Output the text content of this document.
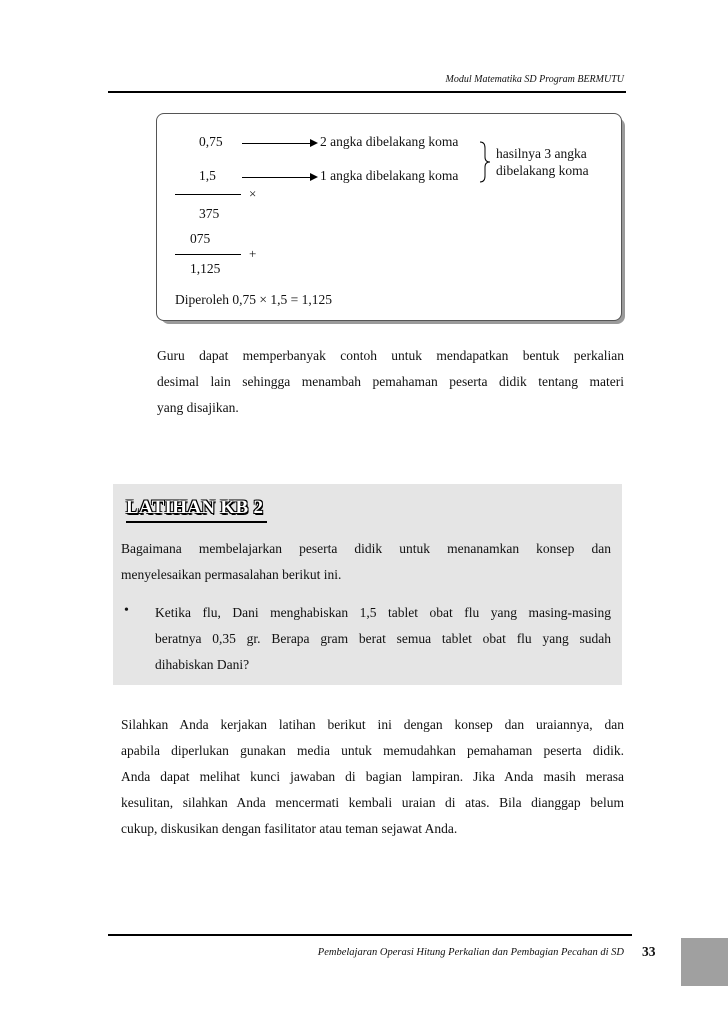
Modul Matematika SD Program BERMUTU
0,75	2 angka dibelakang koma
1,5	1 angka dibelakang koma
hasilnya 3 angka
dibelakang koma
×
375
075
+
1,125
Diperoleh 0,75 × 1,5 = 1,125
Guru dapat memperbanyak contoh untuk mendapatkan bentuk perkalian
desimal lain sehingga menambah pemahaman peserta didik tentang materi
yang disajikan.
LATIHAN KB 2
Bagaimana membelajarkan peserta didik untuk menanamkan konsep dan
menyelesaikan permasalahan berikut ini.
• Ketika flu, Dani menghabiskan 1,5 tablet obat flu yang masing-masing
beratnya 0,35 gr. Berapa gram berat semua tablet obat flu yang sudah
dihabiskan Dani?
Silahkan Anda kerjakan latihan berikut ini dengan konsep dan uraiannya, dan
apabila diperlukan gunakan media untuk memudahkan pemahaman peserta didik.
Anda dapat melihat kunci jawaban di bagian lampiran. Jika Anda masih merasa
kesulitan, silahkan Anda mencermati kembali uraian di atas. Bila dianggap belum
cukup, diskusikan dengan fasilitator atau teman sejawat Anda.
Pembelajaran Operasi Hitung Perkalian dan Pembagian Pecahan di SD 33
